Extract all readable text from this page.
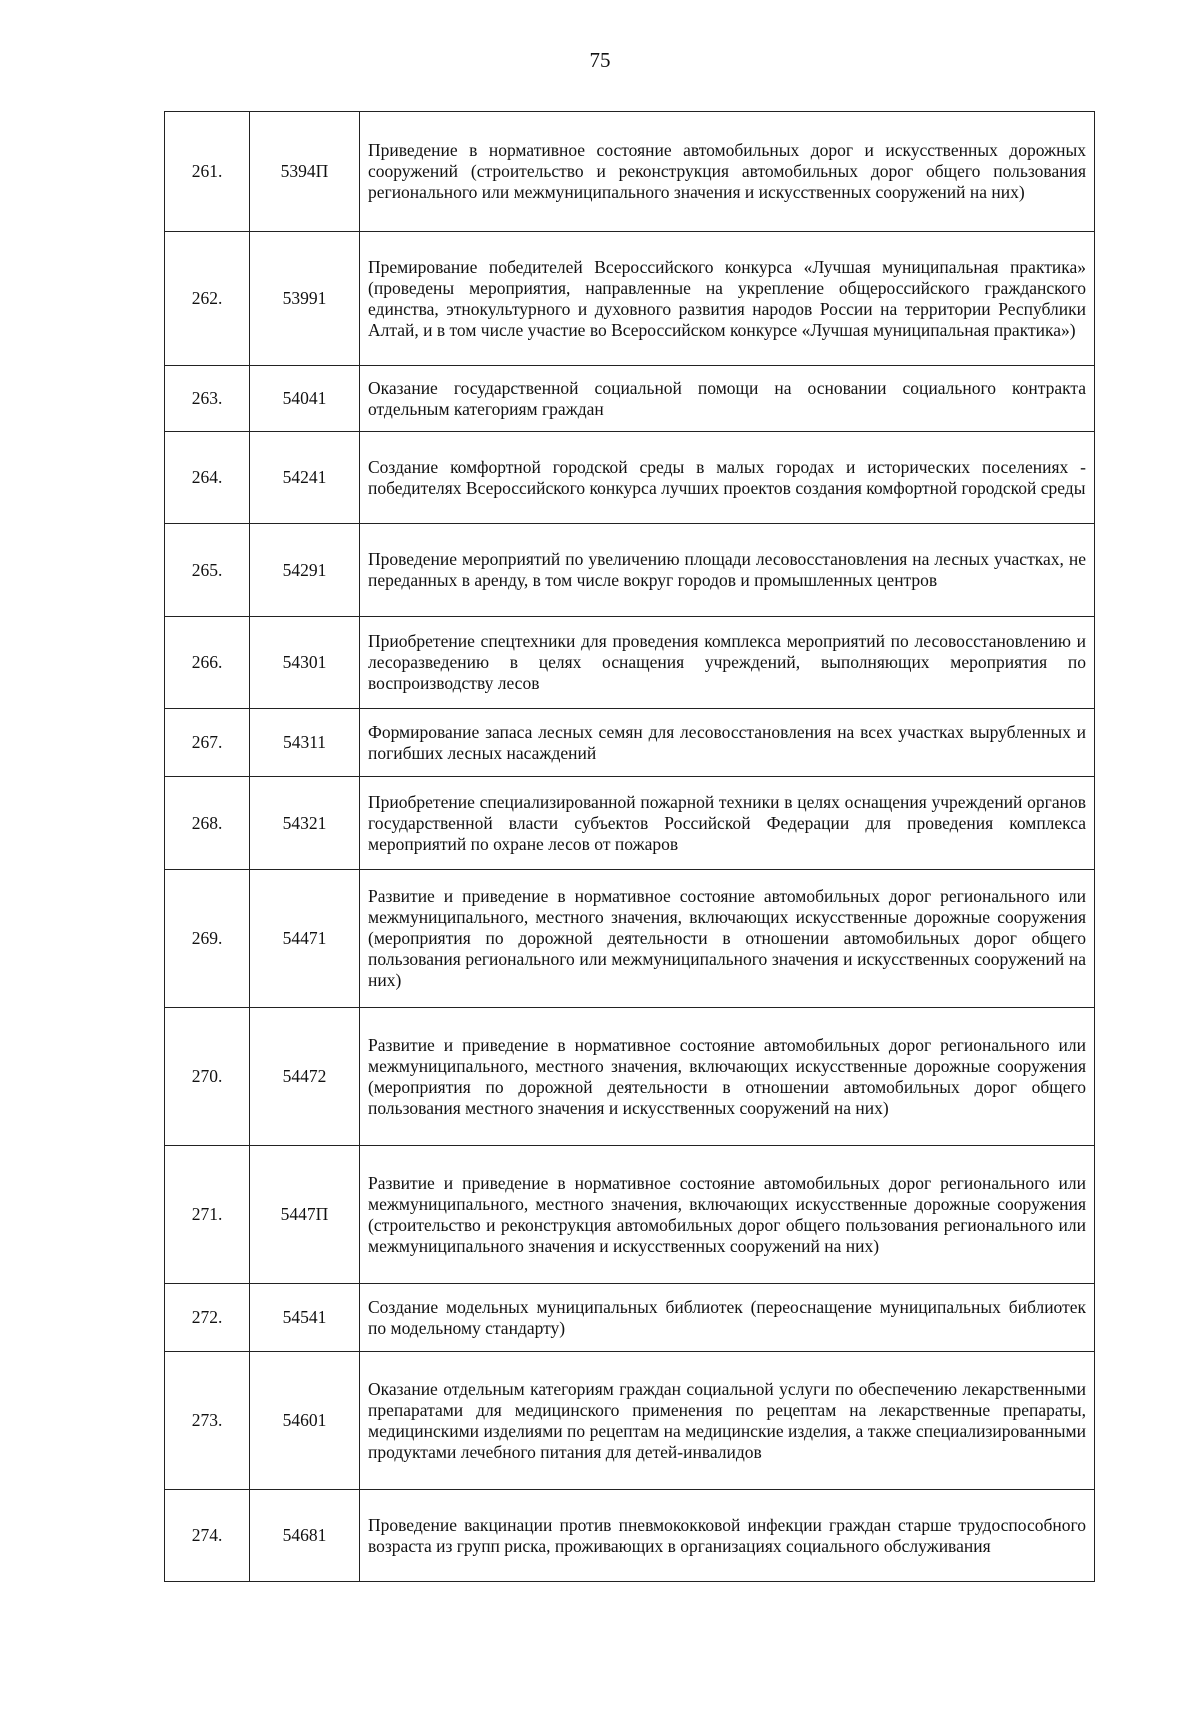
75
261.	5394П	Приведение в нормативное состояние автомобильных дорог и искусственных дорожных сооружений (строительство и реконструкция автомобильных дорог общего пользования регионального или межмуниципального значения и искусственных сооружений на них)
262.	53991	Премирование победителей Всероссийского конкурса «Лучшая муниципальная практика» (проведены мероприятия, направленные на укрепление общероссийского гражданского единства, этнокультурного и духовного развития народов России на территории Республики Алтай, и в том числе участие во Всероссийском конкурсе «Лучшая муниципальная практика»)
263.	54041	Оказание государственной социальной помощи на основании социального контракта отдельным категориям граждан
264.	54241	Создание комфортной городской среды в малых городах и исторических поселениях - победителях Всероссийского конкурса лучших проектов создания комфортной городской среды
265.	54291	Проведение мероприятий по увеличению площади лесовосстановления на лесных участках, не переданных в аренду, в том числе вокруг городов и промышленных центров
266.	54301	Приобретение спецтехники для проведения комплекса мероприятий по лесовосстановлению и лесоразведению в целях оснащения учреждений, выполняющих мероприятия по воспроизводству лесов
267.	54311	Формирование запаса лесных семян для лесовосстановления на всех участках вырубленных и погибших лесных насаждений
268.	54321	Приобретение специализированной пожарной техники в целях оснащения учреждений органов государственной власти субъектов Российской Федерации для проведения комплекса мероприятий по охране лесов от пожаров
269.	54471	Развитие и приведение в нормативное состояние автомобильных дорог регионального или межмуниципального, местного значения, включающих искусственные дорожные сооружения (мероприятия по дорожной деятельности в отношении автомобильных дорог общего пользования регионального или межмуниципального значения и искусственных сооружений на них)
270.	54472	Развитие и приведение в нормативное состояние автомобильных дорог регионального или межмуниципального, местного значения, включающих искусственные дорожные сооружения (мероприятия по дорожной деятельности в отношении автомобильных дорог общего пользования местного значения и искусственных сооружений на них)
271.	5447П	Развитие и приведение в нормативное состояние автомобильных дорог регионального или межмуниципального, местного значения, включающих искусственные дорожные сооружения (строительство и реконструкция автомобильных дорог общего пользования регионального или межмуниципального значения и искусственных сооружений на них)
272.	54541	Создание модельных муниципальных библиотек (переоснащение муниципальных библиотек по модельному стандарту)
273.	54601	Оказание отдельным категориям граждан социальной услуги по обеспечению лекарственными препаратами для медицинского применения по рецептам на лекарственные препараты, медицинскими изделиями по рецептам на медицинские изделия, а также специализированными продуктами лечебного питания для детей-инвалидов
274.	54681	Проведение вакцинации против пневмококковой инфекции граждан старше трудоспособного возраста из групп риска, проживающих в организациях социального обслуживания
